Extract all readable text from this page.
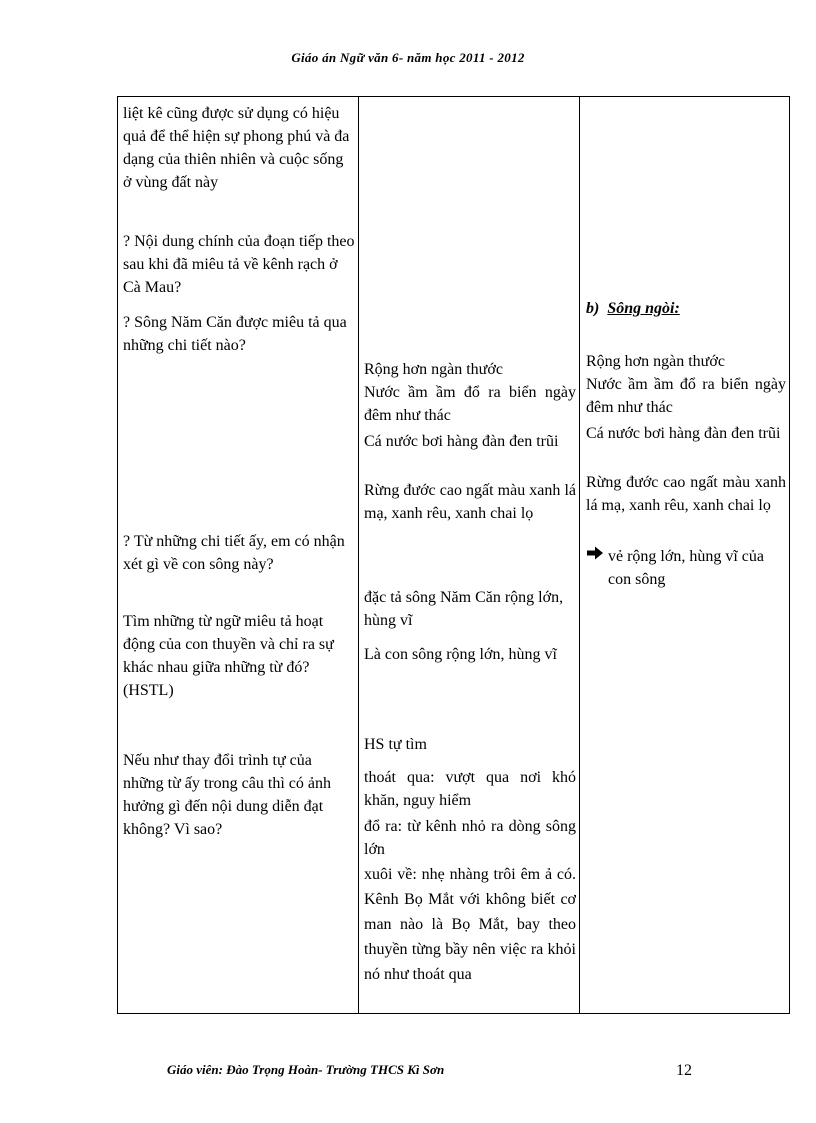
Giáo án Ngữ văn 6- năm học 2011 - 2012
liệt kê cũng được sử dụng có hiệu quả để thể hiện sự phong phú và đa dạng của thiên nhiên và cuộc sống ở vùng đất này
? Nội dung chính của đoạn tiếp theo sau khi đã miêu tả về kênh rạch ở Cà Mau?
? Sông Năm Căn được miêu tả qua những chi tiết nào?
? Từ những chi tiết ấy, em có nhận xét gì về con sông này?
Tìm những từ ngữ miêu tả hoạt động của con thuyền và chỉ ra sự khác nhau giữa những từ đó? (HSTL)
Nếu như thay đổi trình tự của những từ ấy trong câu thì có ảnh hưởng gì đến nội dung diễn đạt không? Vì sao?
Rộng hơn ngàn thước
Nước ầm ầm đổ ra biển ngày đêm như thác
Cá nước bơi hàng đàn đen trũi
Rừng đước cao ngất màu xanh lá mạ, xanh rêu, xanh chai lọ
đặc tả sông Năm Căn rộng lớn, hùng vĩ
Là con sông rộng lớn, hùng vĩ
HS tự tìm
thoát qua: vượt qua nơi khó khăn, nguy hiểm
đổ ra: từ kênh nhỏ ra dòng sông lớn
xuôi về: nhẹ nhàng trôi êm ả có. Kênh Bọ Mắt với không biết cơ man nào là Bọ Mắt, bay theo thuyền từng bầy nên việc ra khỏi nó như thoát qua
b) Sông ngòi:
Rộng hơn ngàn thước
Nước ầm ầm đổ ra biển ngày đêm như thác
Cá nước bơi hàng đàn đen trũi
Rừng đước cao ngất màu xanh lá mạ, xanh rêu, xanh chai lọ
vẻ rộng lớn, hùng vĩ của con sông
Giáo viên: Đào Trọng Hoàn- Trường THCS Kì Sơn	12
